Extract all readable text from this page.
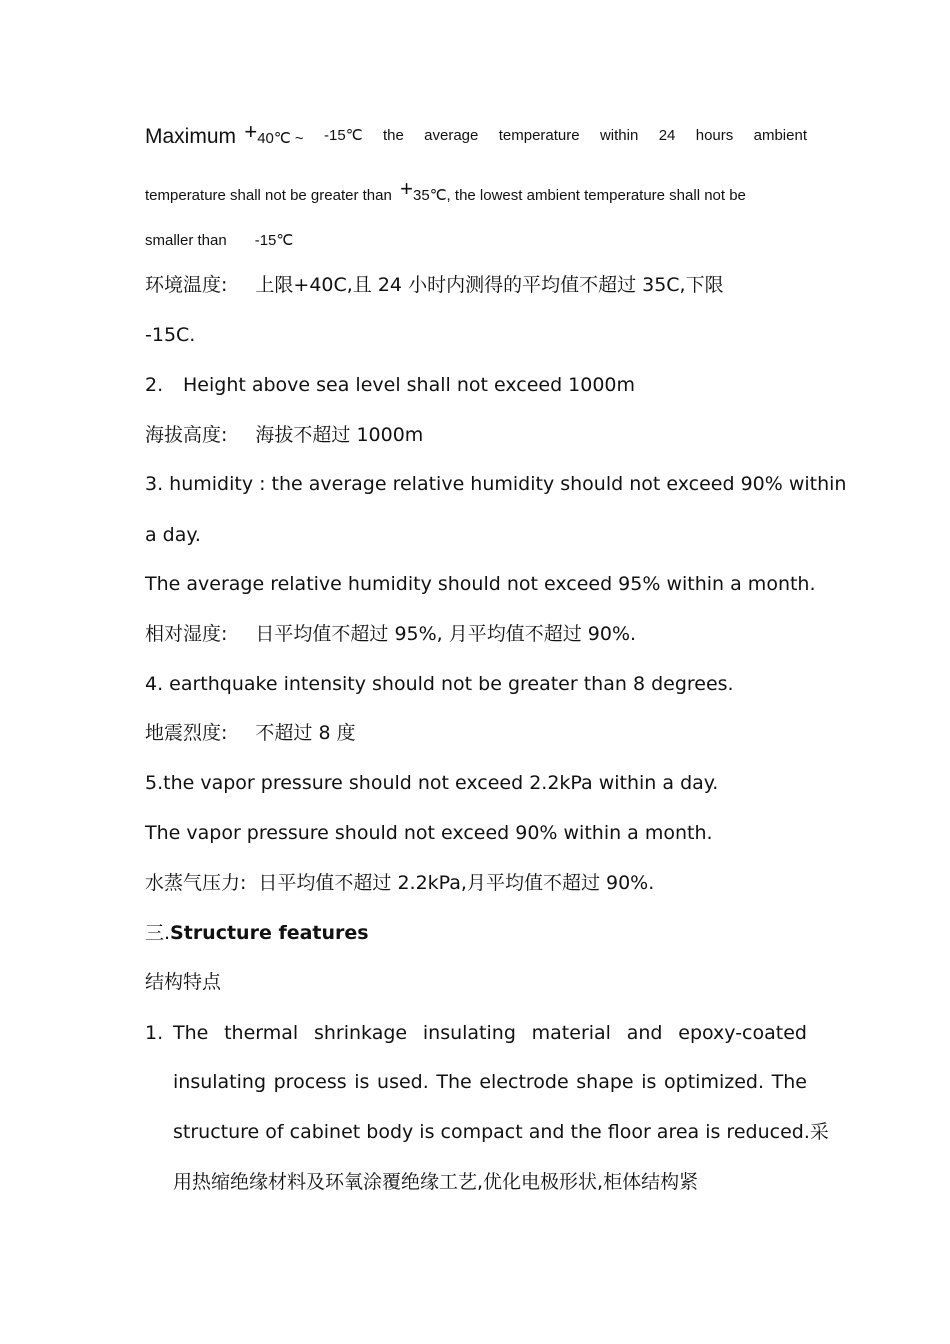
Maximum +40℃ ~ -15℃ the average temperature within 24 hours ambient
temperature shall not be greater than +35℃, the lowest ambient temperature shall not be
smaller than -15℃
环境温度: 上限+40C,且 24 小时内测得的平均值不超过 35C,下限
-15C.
2. Height above sea level shall not exceed 1000m
海拔高度: 海拔不超过 1000m
3. humidity : the average relative humidity should not exceed 90% within
a day.
The average relative humidity should not exceed 95% within a month.
相对湿度: 日平均值不超过 95%, 月平均值不超过 90%.
4. earthquake intensity should not be greater than 8 degrees.
地震烈度: 不超过 8 度
5.the vapor pressure should not exceed 2.2kPa within a day.
The vapor pressure should not exceed 90% within a month.
水蒸气压力: 日平均值不超过 2.2kPa,月平均值不超过 90%.
三.Structure features
结构特点
1. The thermal shrinkage insulating material and epoxy-coated
insulating process is used. The electrode shape is optimized. The
structure of cabinet body is compact and the floor area is reduced.采
用热缩绝缘材料及环氧涂覆绝缘工艺,优化电极形状,柜体结构紧
